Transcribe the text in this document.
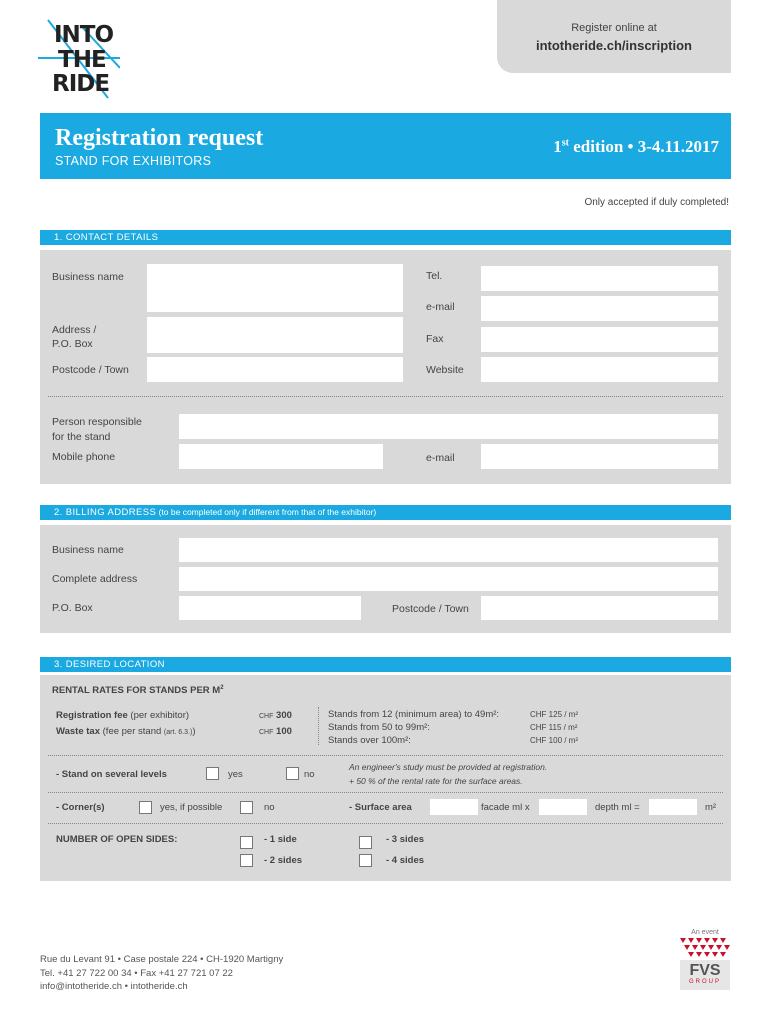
INTO
THE
RIDE
Register online at
intotheride.ch/inscription
Registration request
STAND FOR EXHIBITORS
1st edition • 3-4.11.2017
Only accepted if duly completed!
1. CONTACT DETAILS
Business name	Tel.
e-mail
Address /
P.O. Box	Fax
Postcode / Town	Website
Person responsible
for the stand
Mobile phone	e-mail
2. BILLING ADDRESS (to be completed only if different from that of the exhibitor)
Business name
Complete address
P.O. Box	Postcode / Town
3. DESIRED LOCATION
RENTAL RATES FOR STANDS PER $M^2$
Registration fee (per exhibitor)	CHF 300
Waste tax (fee per stand (art. 6.3.))	CHF 100
Stands from 12 (minimum area) to 49m²:	CHF 125 / m²
Stands from 50 to 99m²:	CHF 115 / m²
Stands over 100m²:	CHF 100 / m²
- Stand on several levels	yes	no
An engineer's study must be provided at registration.
+ 50 % of the rental rate for the surface areas.
- Corner(s)	yes, if possible	no	- Surface area	facade ml x	depth ml =	m²
NUMBER OF OPEN SIDES:	- 1 side
- 2 sides
- 3 sides
- 4 sides
Rue du Levant 91 • Case postale 224 • CH-1920 Martigny
Tel. +41 27 722 00 34 • Fax +41 27 721 07 22
info@intotheride.ch • intotheride.ch
An event
FVS
GROUP
